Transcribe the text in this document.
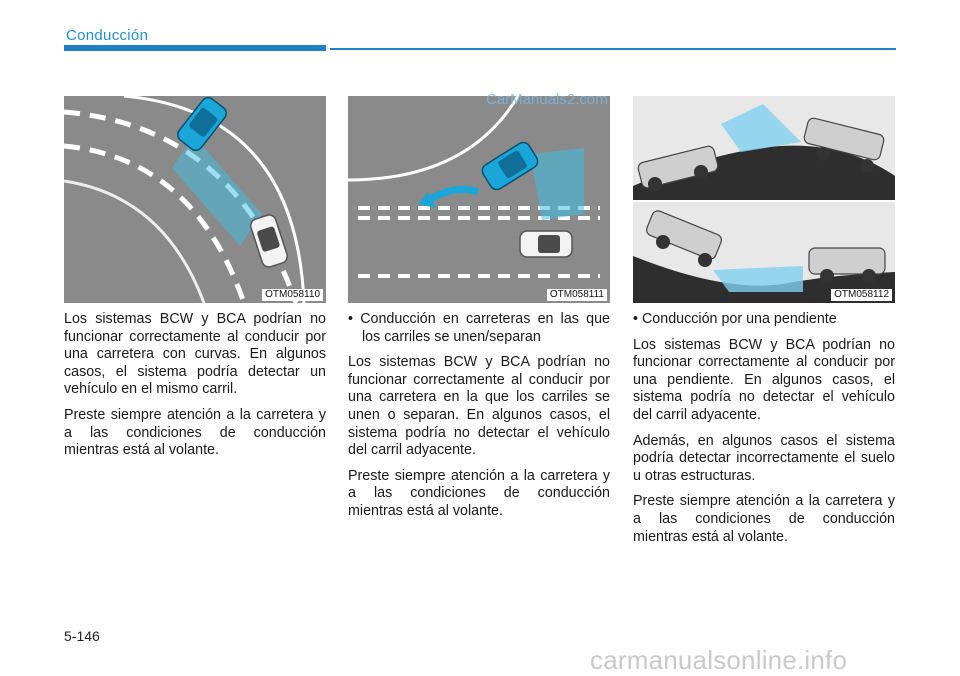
Conducción
OTM058110	OTM058111	OTM058112
CarManuals2.com

Los sistemas BCW y BCA podrían no funcionar correctamente al conducir por una carretera con curvas. En algunos casos, el sistema podría detectar un vehículo en el mismo carril.

Preste siempre atención a la carretera y a las condiciones de conducción mientras está al volante.

• Conducción en carreteras en las que los carriles se unen/separan

Los sistemas BCW y BCA podrían no funcionar correctamente al conducir por una carretera en la que los carriles se unen o separan. En algunos casos, el sistema podría no detectar el vehículo del carril adyacente.

Preste siempre atención a la carretera y a las condiciones de conducción mientras está al volante.

• Conducción por una pendiente

Los sistemas BCW y BCA podrían no funcionar correctamente al conducir por una pendiente. En algunos casos, el sistema podría no detectar el vehículo del carril adyacente.

Además, en algunos casos el sistema podría detectar incorrectamente el suelo u otras estructuras.

Preste siempre atención a la carretera y a las condiciones de conducción mientras está al volante.

5-146
carmanualsonline.info
